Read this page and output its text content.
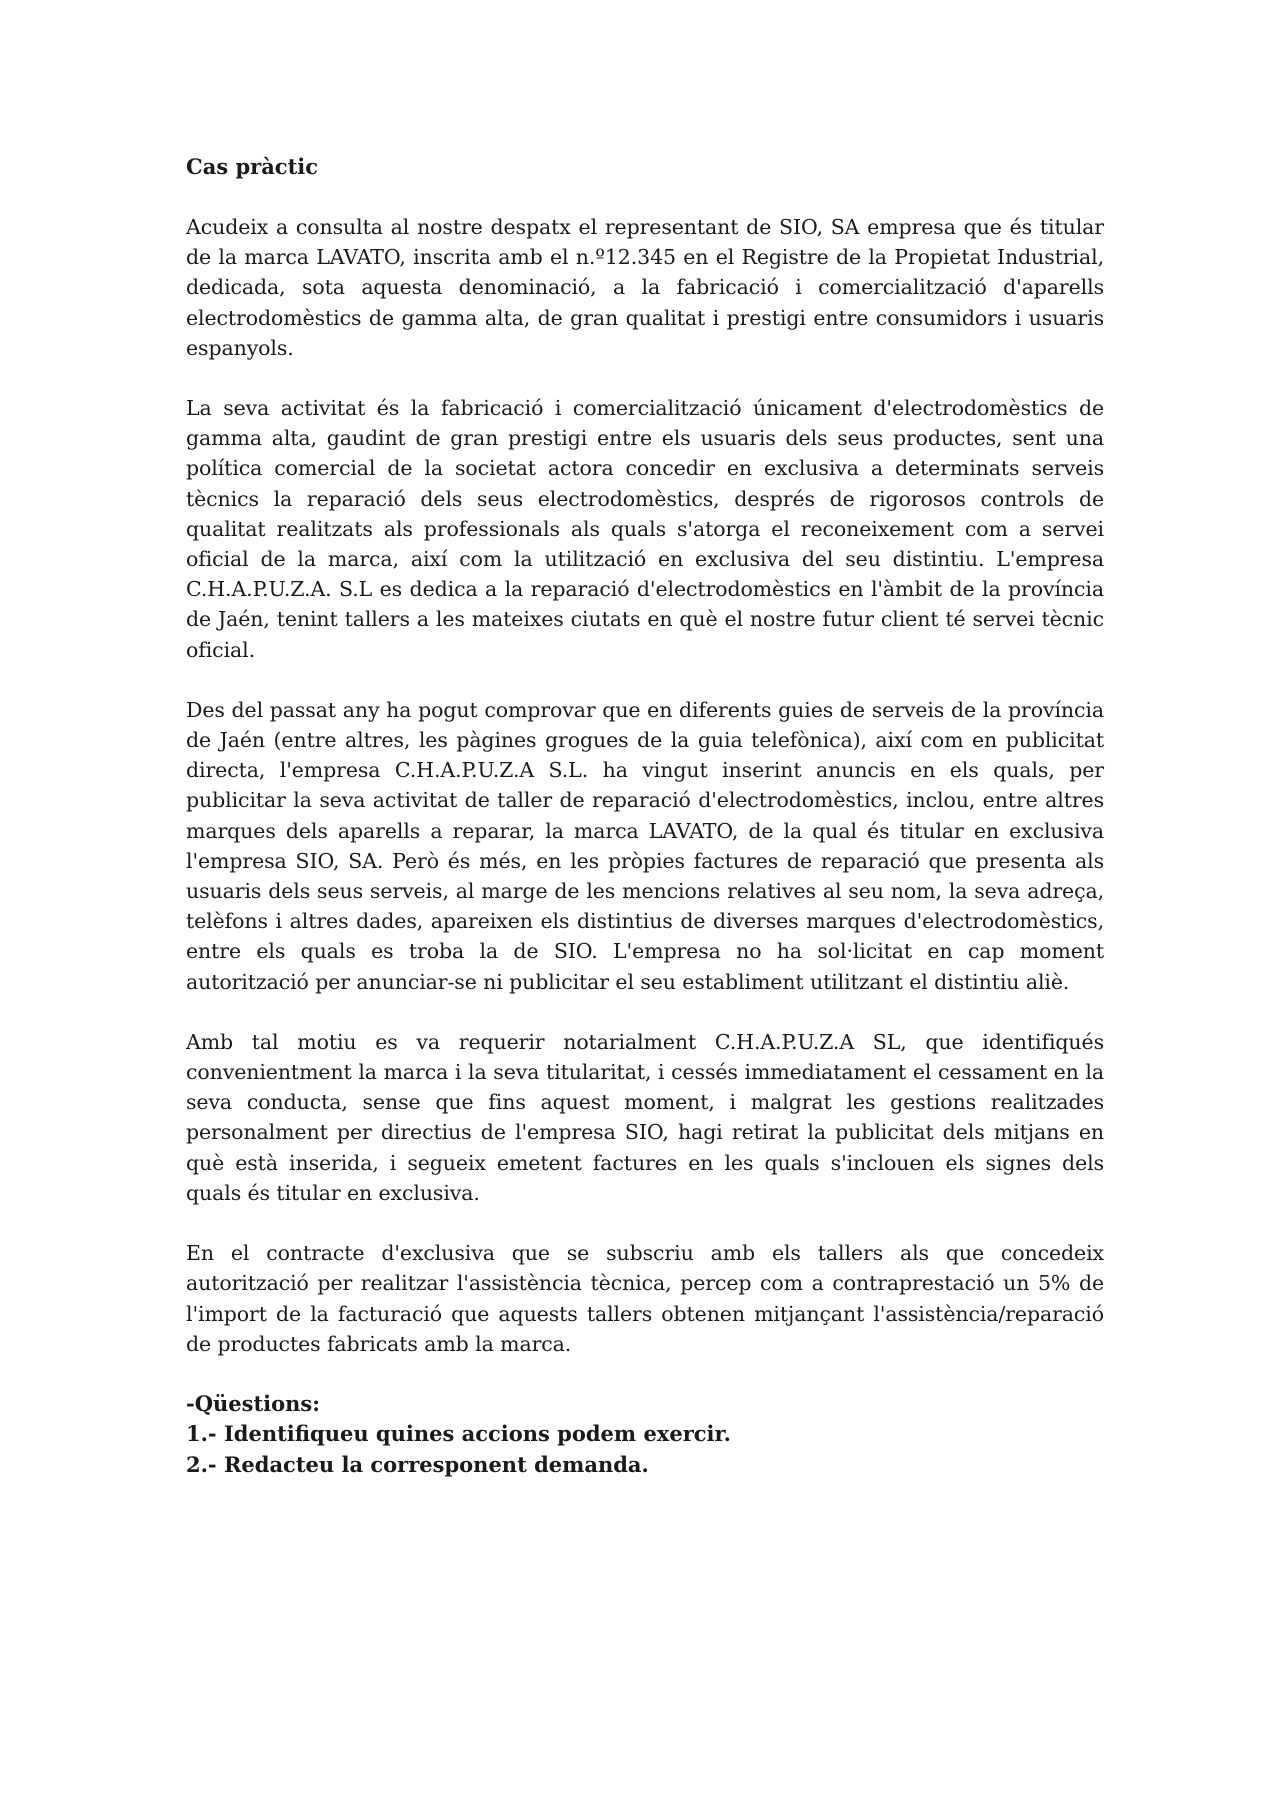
Cas pràctic

Acudeix a consulta al nostre despatx el representant de SIO, SA empresa que és titular de la marca LAVATO, inscrita amb el n.º12.345 en el Registre de la Propietat Industrial, dedicada, sota aquesta denominació, a la fabricació i comercialització d'aparells electrodomèstics de gamma alta, de gran qualitat i prestigi entre consumidors i usuaris espanyols.

La seva activitat és la fabricació i comercialització únicament d'electrodomèstics de gamma alta, gaudint de gran prestigi entre els usuaris dels seus productes, sent una política comercial de la societat actora concedir en exclusiva a determinats serveis tècnics la reparació dels seus electrodomèstics, després de rigorosos controls de qualitat realitzats als professionals als quals s'atorga el reconeixement com a servei oficial de la marca, així com la utilització en exclusiva del seu distintiu. L'empresa C.H.A.P.U.Z.A. S.L es dedica a la reparació d'electrodomèstics en l'àmbit de la província de Jaén, tenint tallers a les mateixes ciutats en què el nostre futur client té servei tècnic oficial.

Des del passat any ha pogut comprovar que en diferents guies de serveis de la província de Jaén (entre altres, les pàgines grogues de la guia telefònica), així com en publicitat directa, l'empresa C.H.A.P.U.Z.A S.L. ha vingut inserint anuncis en els quals, per publicitar la seva activitat de taller de reparació d'electrodomèstics, inclou, entre altres marques dels aparells a reparar, la marca LAVATO, de la qual és titular en exclusiva l'empresa SIO, SA. Però és més, en les pròpies factures de reparació que presenta als usuaris dels seus serveis, al marge de les mencions relatives al seu nom, la seva adreça, telèfons i altres dades, apareixen els distintius de diverses marques d'electrodomèstics, entre els quals es troba la de SIO. L'empresa no ha sol·licitat en cap moment autorització per anunciar-se ni publicitar el seu establiment utilitzant el distintiu aliè.

Amb tal motiu es va requerir notarialment C.H.A.P.U.Z.A SL, que identifiqués convenientment la marca i la seva titularitat, i cessés immediatament el cessament en la seva conducta, sense que fins aquest moment, i malgrat les gestions realitzades personalment per directius de l'empresa SIO, hagi retirat la publicitat dels mitjans en què està inserida, i segueix emetent factures en les quals s'inclouen els signes dels quals és titular en exclusiva.

En el contracte d'exclusiva que se subscriu amb els tallers als que concedeix autorització per realitzar l'assistència tècnica, percep com a contraprestació un 5% de l'import de la facturació que aquests tallers obtenen mitjançant l'assistència/reparació de productes fabricats amb la marca.

-Qüestions:

1.- Identifiqueu quines accions podem exercir.

2.- Redacteu la corresponent demanda.
